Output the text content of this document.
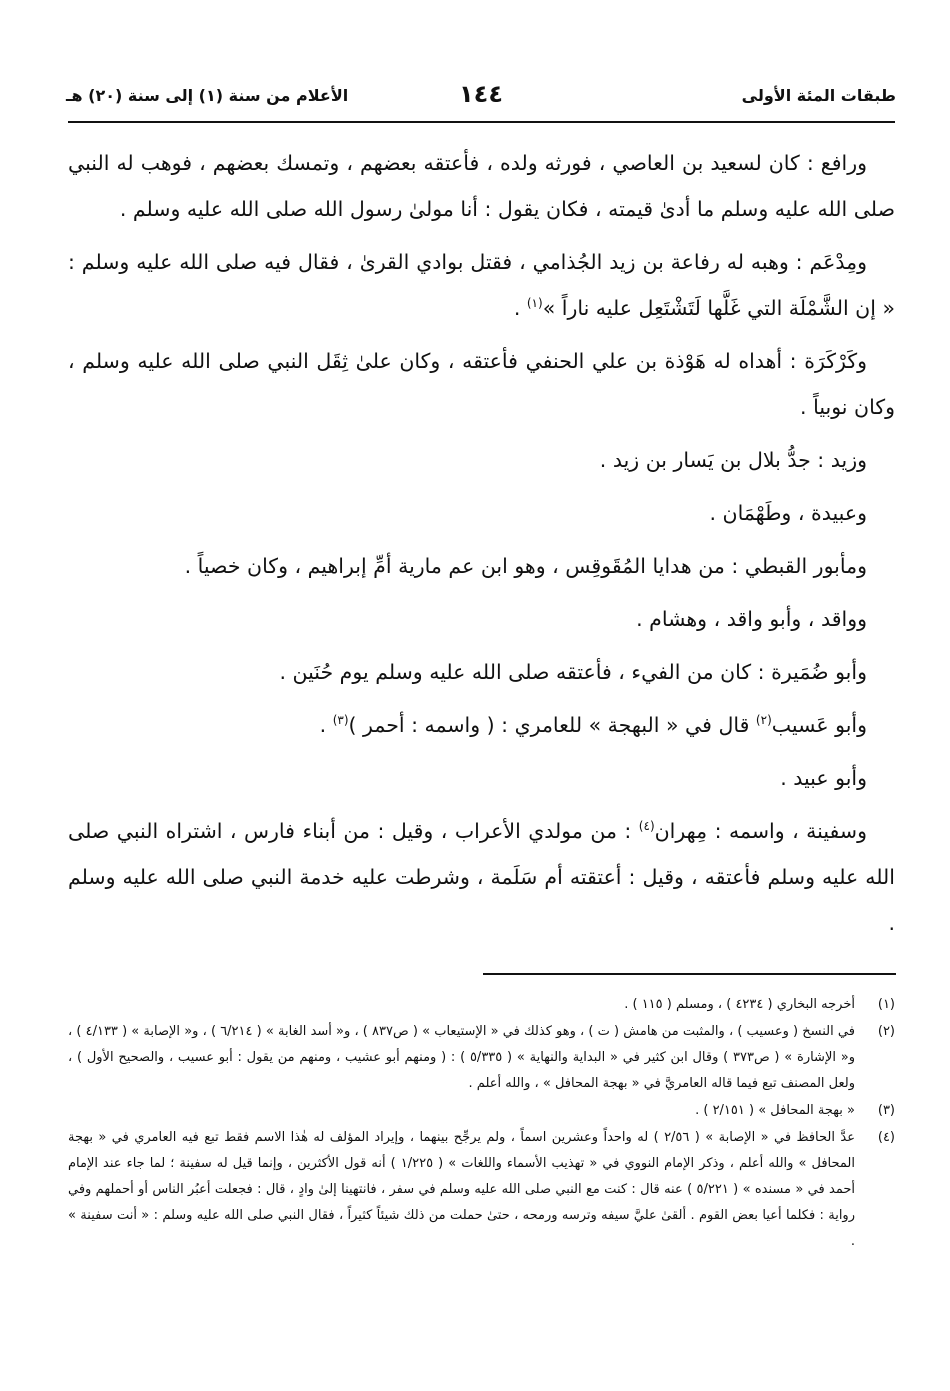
طبقات المئة الأولى
١٤٤
الأعلام من سنة (١) إلى سنة (٢٠) هـ

ورافع : كان لسعيد بن العاصي ، فورثه ولده ، فأعتقه بعضهم ، وتمسك بعضهم ، فوهب له النبي صلى الله عليه وسلم ما أدىٰ قيمته ، فكان يقول : أنا مولىٰ رسول الله صلى الله عليه وسلم .

ومِدْعَم : وهبه له رفاعة بن زيد الجُذامي ، فقتل بوادي القرىٰ ، فقال فيه صلى الله عليه وسلم : « إن الشَّمْلَة التي غَلَّها لَتَشْتَعِل عليه ناراً »$^{(١)}$ .

وكَرْكَرَة : أهداه له هَوْذة بن علي الحنفي فأعتقه ، وكان علىٰ ثِقَل النبي صلى الله عليه وسلم ، وكان نوبياً .

وزيد : جدُّ بلال بن يَسار بن زيد .

وعبيدة ، وطَهْمَان .

ومأبور القبطي : من هدايا المُقَوقِس ، وهو ابن عم مارية أمِّ إبراهيم ، وكان خصياً .

وواقد ، وأبو واقد ، وهشام .

وأبو ضُمَيرة : كان من الفيء ، فأعتقه صلى الله عليه وسلم يوم حُنَين .

وأبو عَسيب$^{(٢)}$ قال في « البهجة » للعامري : ( واسمه : أحمر )$^{(٣)}$ .

وأبو عبيد .

وسفينة ، واسمه : مِهران$^{(٤)}$ : من مولدي الأعراب ، وقيل : من أبناء فارس ، اشتراه النبي صلى الله عليه وسلم فأعتقه ، وقيل : أعتقته أم سَلَمة ، وشرطت عليه خدمة النبي صلى الله عليه وسلم .

(١)
أخرجه البخاري ( ٤٢٣٤ ) ، ومسلم ( ١١٥ ) .
(٢)
في النسخ ( وعسيب ) ، والمثبت من هامش ( ت ) ، وهو كذلك في « الإستيعاب » ( ص٨٣٧ ) ، و« أسد الغابة » ( ٦/٢١٤ ) ، و« الإصابة » ( ٤/١٣٣ ) ، و« الإشارة » ( ص٣٧٣ ) وقال ابن كثير في « البداية والنهاية » ( ٥/٣٣٥ ) : ( ومنهم أبو عشيب ، ومنهم من يقول : أبو عسيب ، والصحيح الأول ) ، ولعل المصنف تبع فيما قاله العامريَّ في « بهجة المحافل » ، والله أعلم .
(٣)
« بهجة المحافل » ( ٢/١٥١ ) .
(٤)
عدَّ الحافظ في « الإصابة » ( ٢/٥٦ ) له واحداً وعشرين اسماً ، ولم يرجِّح بينهما ، وإيراد المؤلف له هٰذا الاسم فقط تبع فيه العامري في « بهجة المحافل » والله أعلم ، وذكر الإمام النووي في « تهذيب الأسماء واللغات » ( ١/٢٢٥ ) أنه قول الأكثرين ، وإنما قيل له سفينة ؛ لما جاء عند الإمام أحمد في « مسنده » ( ٥/٢٢١ ) عنه قال : كنت مع النبي صلى الله عليه وسلم في سفر ، فانتهينا إلىٰ وادٍ ، قال : فجعلت أعبُر الناس أو أحملهم وفي رواية : فكلما أعيا بعض القوم . ألقىٰ عليَّ سيفه وترسه ورمحه ، حتىٰ حملت من ذلك شيئاً كثيراً ، فقال النبي صلى الله عليه وسلم : « أنت سفينة » .
